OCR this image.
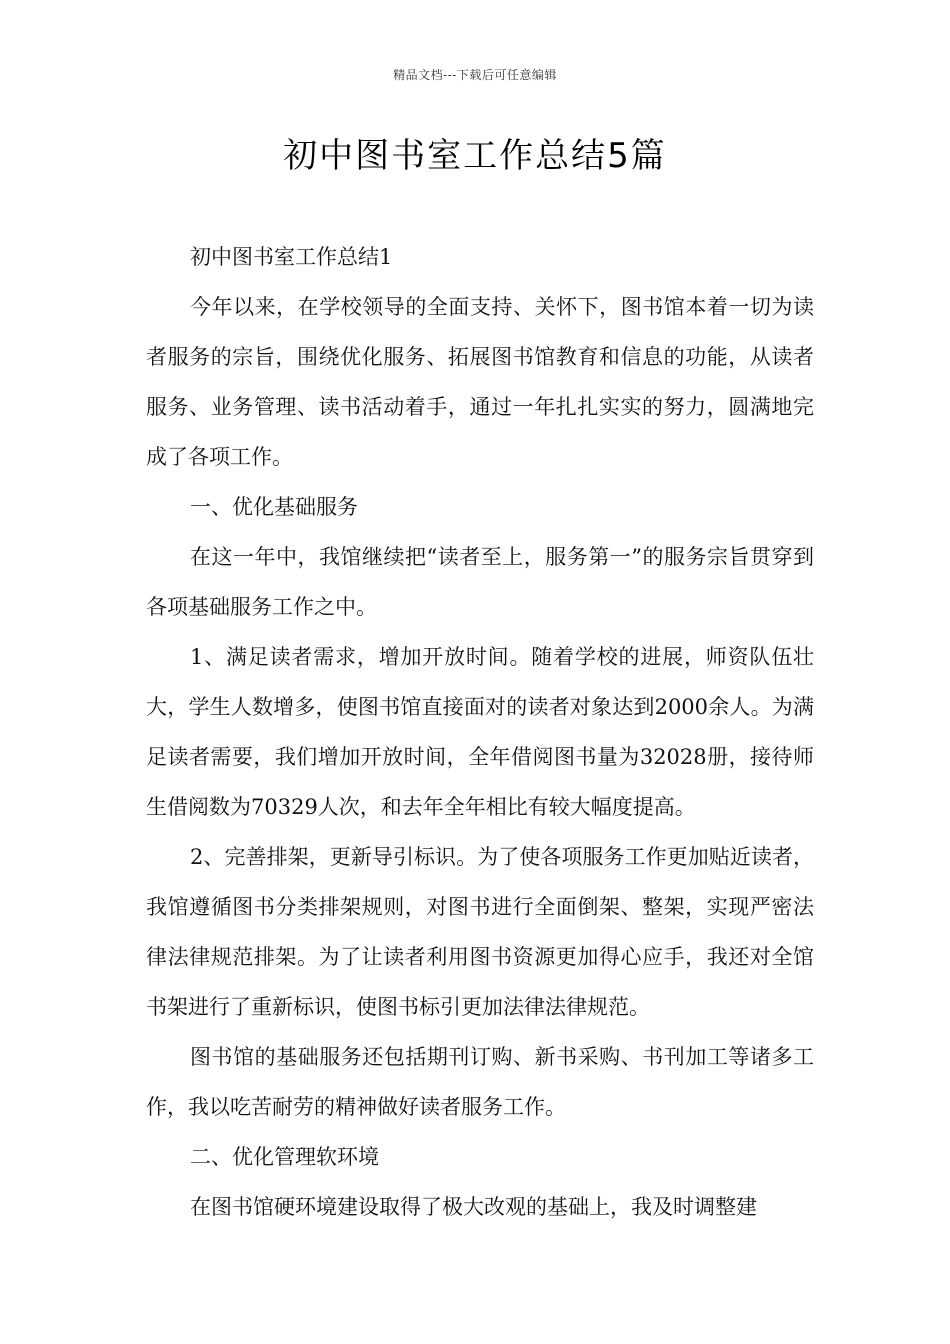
精品文档---下载后可任意编辑
初中图书室工作总结5篇

初中图书室工作总结1

今年以来，在学校领导的全面支持、关怀下，图书馆本着一切为读者服务的宗旨，围绕优化服务、拓展图书馆教育和信息的功能，从读者服务、业务管理、读书活动着手，通过一年扎扎实实的努力，圆满地完成了各项工作。

一、优化基础服务

在这一年中，我馆继续把“读者至上，服务第一”的服务宗旨贯穿到各项基础服务工作之中。

1、满足读者需求，增加开放时间。随着学校的进展，师资队伍壮大，学生人数增多，使图书馆直接面对的读者对象达到2000余人。为满足读者需要，我们增加开放时间，全年借阅图书量为32028册，接待师生借阅数为70329人次，和去年全年相比有较大幅度提高。

2、完善排架，更新导引标识。为了使各项服务工作更加贴近读者，我馆遵循图书分类排架规则，对图书进行全面倒架、整架，实现严密法律法律规范排架。为了让读者利用图书资源更加得心应手，我还对全馆书架进行了重新标识，使图书标引更加法律法律规范。

图书馆的基础服务还包括期刊订购、新书采购、书刊加工等诸多工作，我以吃苦耐劳的精神做好读者服务工作。

二、优化管理软环境

在图书馆硬环境建设取得了极大改观的基础上，我及时调整建
